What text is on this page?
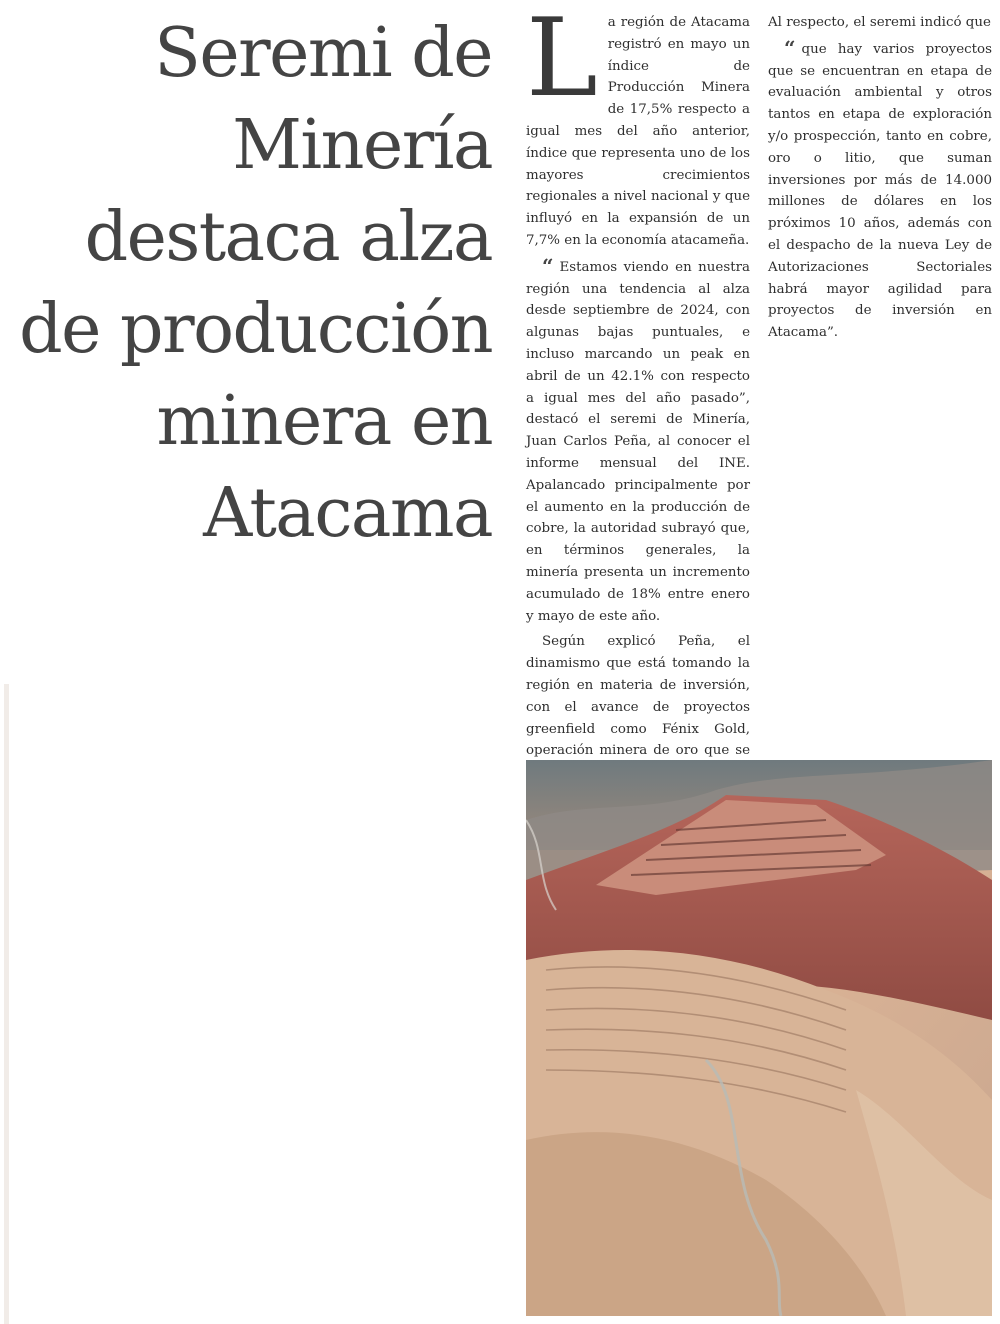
Seremi de
Minería
destaca alza
de producción
minera en
Atacama

La región de Atacama registró en mayo un índice de Producción Minera de 17,5% respecto a igual mes del año anterior, índice que representa uno de los mayores crecimientos regionales a nivel nacional y que influyó en la expansión de un 7,7% en la economía atacameña.

“ Estamos viendo en nuestra región una tendencia al alza desde septiembre de 2024, con algunas bajas puntuales, e incluso marcando un peak en abril de un 42.1% con respecto a igual mes del año pasado”, destacó el seremi de Minería, Juan Carlos Peña, al conocer el informe mensual del INE. Apalancado principalmente por el aumento en la producción de cobre, la autoridad subrayó que, en términos generales, la minería presenta un incremento acumulado de 18% entre enero y mayo de este año.

Según explicó Peña, el dinamismo que está tomando la región en materia de inversión, con el avance de proyectos greenfield como Fénix Gold, operación minera de oro que se

Al respecto, el seremi indicó que

“ que hay varios proyectos que se encuentran en etapa de evaluación ambiental y otros tantos en etapa de exploración y/o prospección, tanto en cobre, oro o litio, que suman inversiones por más de 14.000 millones de dólares en los próximos 10 años, además con el despacho de la nueva Ley de Autorizaciones Sectoriales habrá mayor agilidad para proyectos de inversión en Atacama”.
